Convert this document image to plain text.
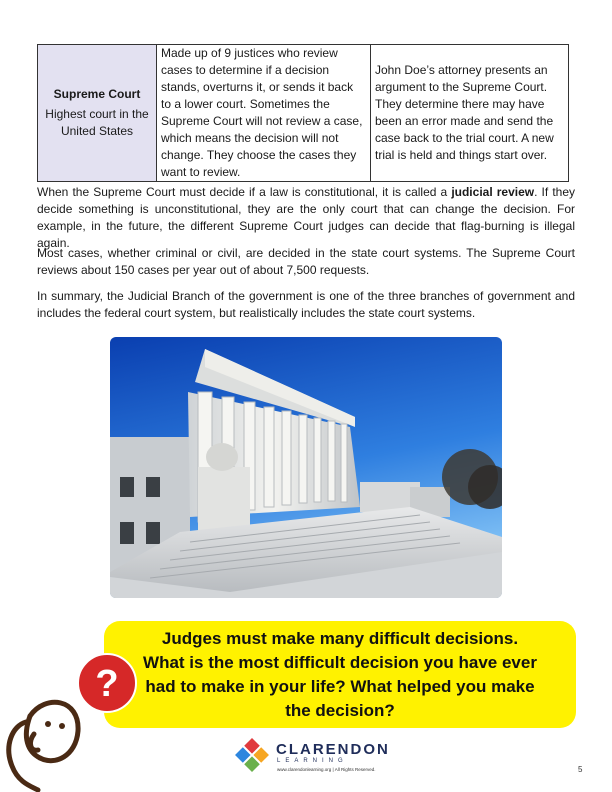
Supreme Court
Highest court in the United States	Made up of 9 justices who review cases to determine if a decision stands, overturns it, or sends it back to a lower court. Sometimes the Supreme Court will not review a case, which means the decision will not change. They choose the cases they want to review.	John Doe’s attorney presents an argument to the Supreme Court. They determine there may have been an error made and send the case back to the trial court. A new trial is held and things start over.

When the Supreme Court must decide if a law is constitutional, it is called a judicial review. If they decide something is unconstitutional, they are the only court that can change the decision. For example, in the future, the different Supreme Court judges can decide that flag-burning is illegal again.

Most cases, whether criminal or civil, are decided in the state court systems. The Supreme Court reviews about 150 cases per year out of about 7,500 requests.

In summary, the Judicial Branch of the government is one of the three branches of government and includes the federal court system, but realistically includes the state court systems.

Judges must make many difficult decisions.
What is the most difficult decision you have ever
had to make in your life? What helped you make
the decision?
?
CLARENDON
LEARNING
www.clarendonlearning.org | All Rights Reserved.	5
